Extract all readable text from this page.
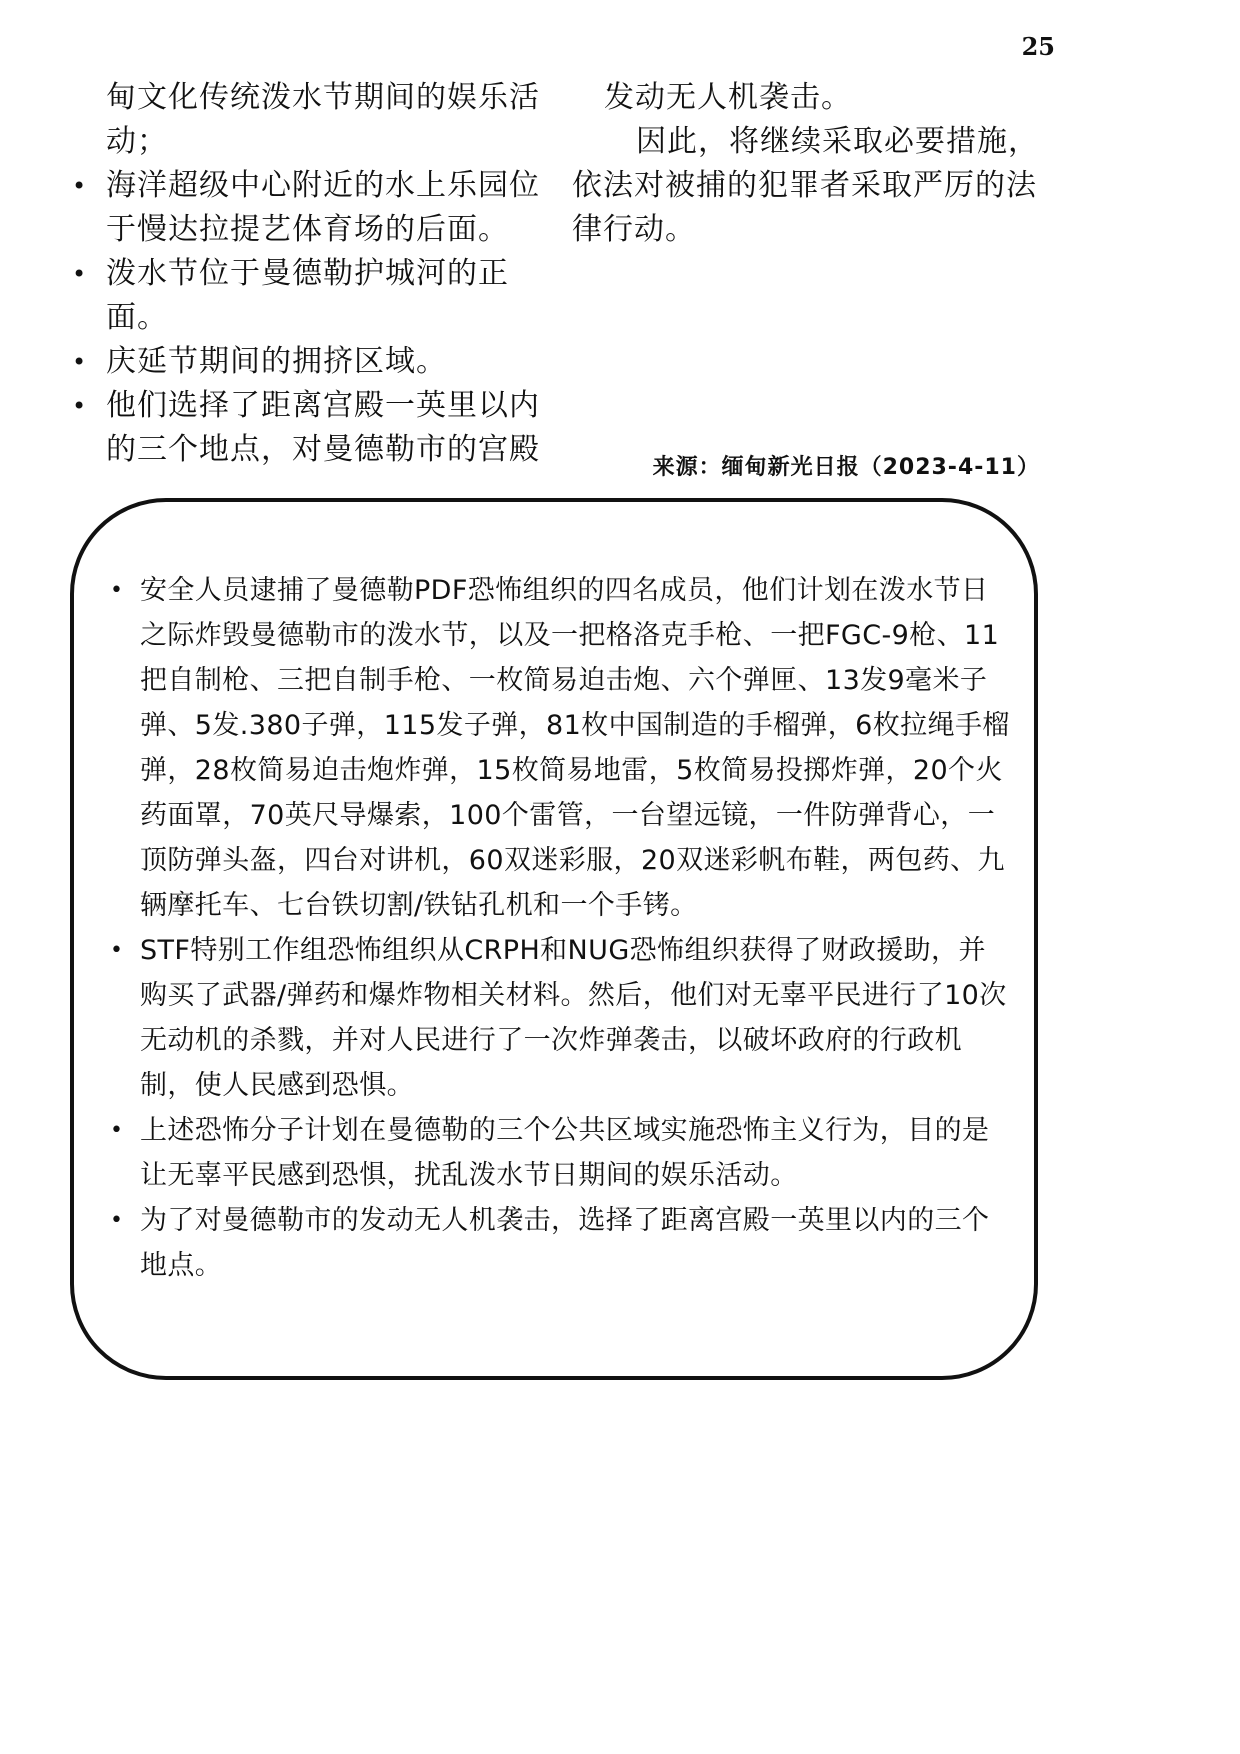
25

甸文化传统泼水节期间的娱乐活动；

• 海洋超级中心附近的水上乐园位于慢达拉提艺体育场的后面。
• 泼水节位于曼德勒护城河的正面。
• 庆延节期间的拥挤区域。
• 他们选择了距离宫殿一英里以内的三个地点，对曼德勒市的宫殿

发动无人机袭击。

因此，将继续采取必要措施，依法对被捕的犯罪者采取严厉的法律行动。

来源：缅甸新光日报（2023-4-11）
• 安全人员逮捕了曼德勒PDF恐怖组织的四名成员，他们计划在泼水节日之际炸毁曼德勒市的泼水节，以及一把格洛克手枪、一把FGC-9枪、11把自制枪、三把自制手枪、一枚简易迫击炮、六个弹匣、13发9毫米子弹、5发.380子弹，115发子弹，81枚中国制造的手榴弹，6枚拉绳手榴弹，28枚简易迫击炮炸弹，15枚简易地雷，5枚简易投掷炸弹，20个火药面罩，70英尺导爆索，100个雷管，一台望远镜，一件防弹背心，一顶防弹头盔，四台对讲机，60双迷彩服，20双迷彩帆布鞋，两包药、九辆摩托车、七台铁切割/铁钻孔机和一个手铐。
• STF特别工作组恐怖组织从CRPH和NUG恐怖组织获得了财政援助，并购买了武器/弹药和爆炸物相关材料。然后，他们对无辜平民进行了10次无动机的杀戮，并对人民进行了一次炸弹袭击，以破坏政府的行政机制，使人民感到恐惧。
• 上述恐怖分子计划在曼德勒的三个公共区域实施恐怖主义行为，目的是让无辜平民感到恐惧，扰乱泼水节日期间的娱乐活动。
• 为了对曼德勒市的发动无人机袭击，选择了距离宫殿一英里以内的三个地点。
